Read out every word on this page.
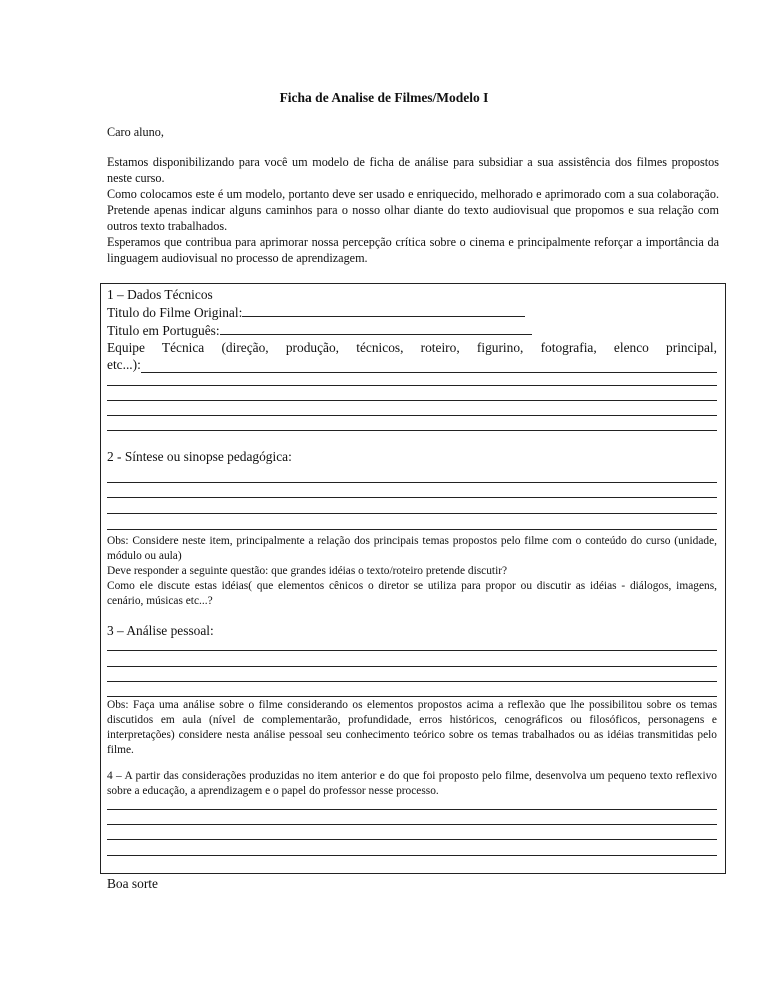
Ficha de Analise de Filmes/Modelo I

Caro aluno,

Estamos disponibilizando para você um modelo de ficha de análise para subsidiar a sua assistência dos filmes propostos neste curso.

Como colocamos este é um modelo, portanto deve ser usado e enriquecido, melhorado e aprimorado com a sua colaboração. Pretende apenas indicar alguns caminhos para o nosso olhar diante do texto audiovisual que propomos e sua relação com outros texto trabalhados.

Esperamos que contribua para aprimorar nossa percepção crítica sobre o cinema e principalmente reforçar a importância da linguagem audiovisual no processo de aprendizagem.

1 – Dados Técnicos
Titulo do Filme Original:
Titulo em Português:
Equipe Técnica (direção, produção, técnicos, roteiro, figurino, fotografia, elenco principal,
etc...):
2 - Síntese ou sinopse pedagógica:
Obs: Considere neste item, principalmente a relação dos principais temas propostos pelo filme com o conteúdo do curso (unidade, módulo ou aula)
Deve responder a seguinte questão: que grandes idéias o texto/roteiro pretende discutir?
Como ele discute estas idéias( que elementos cênicos o diretor se utiliza para propor ou discutir as idéias - diálogos, imagens, cenário, músicas etc...?
3 – Análise pessoal:
Obs: Faça uma análise sobre o filme considerando os elementos propostos acima a reflexão que lhe possibilitou sobre os temas discutidos em aula (nível de complementarão, profundidade, erros históricos, cenográficos ou filosóficos, personagens e interpretações) considere nesta análise pessoal seu conhecimento teórico sobre os temas trabalhados ou as idéias transmitidas pelo filme.
4 – A partir das considerações produzidas no item anterior e do que foi proposto pelo filme, desenvolva um pequeno texto reflexivo sobre a educação, a aprendizagem e o papel do professor nesse processo.
Boa sorte
